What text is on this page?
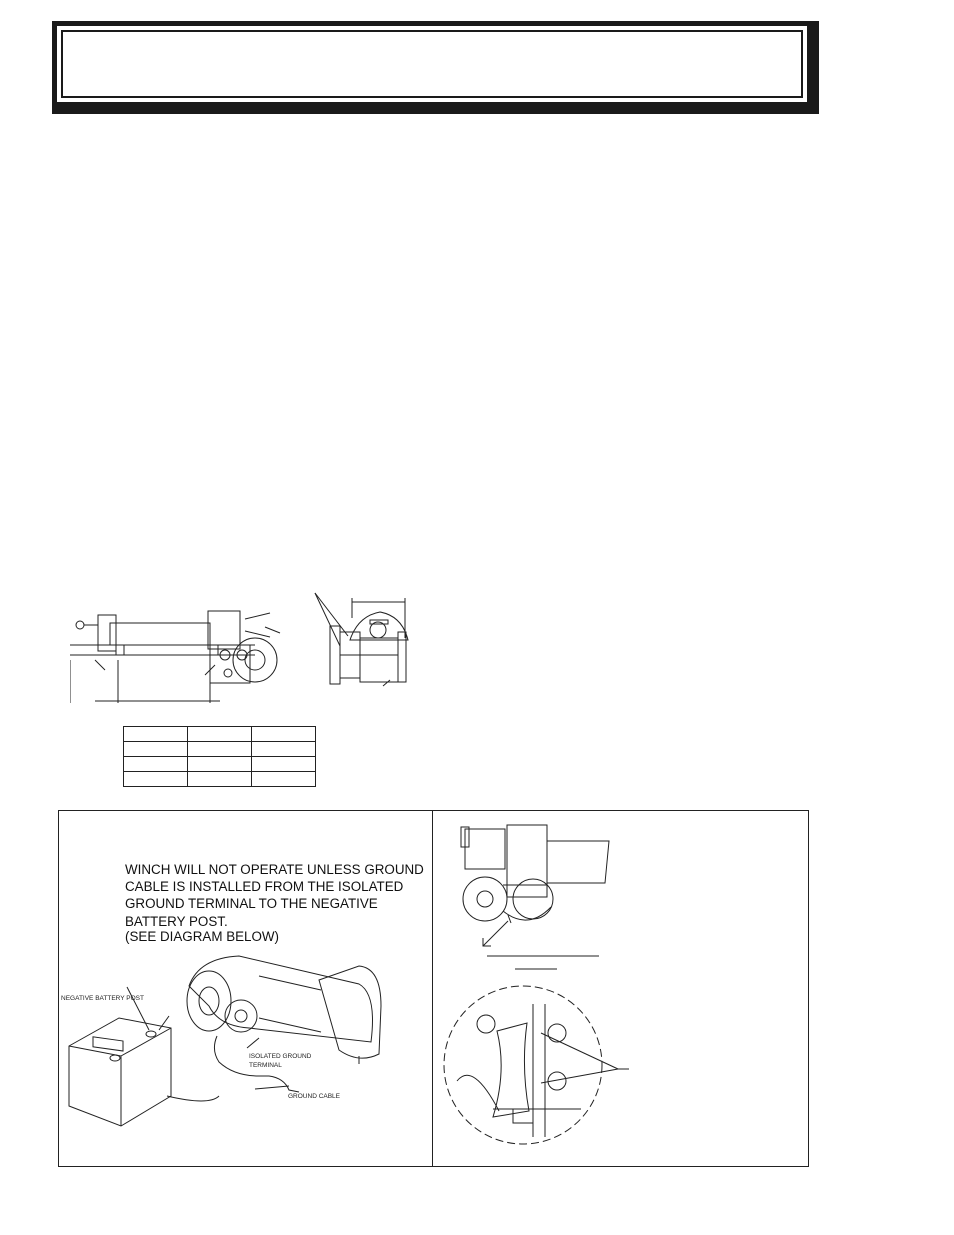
WINCH WILL NOT OPERATE UNLESS GROUND CABLE IS INSTALLED FROM THE ISOLATED GROUND TERMINAL TO THE NEGATIVE BATTERY POST.
(SEE DIAGRAM BELOW)
NEGATIVE BATTERY POST
ISOLATED GROUND
TERMINAL
GROUND CABLE
